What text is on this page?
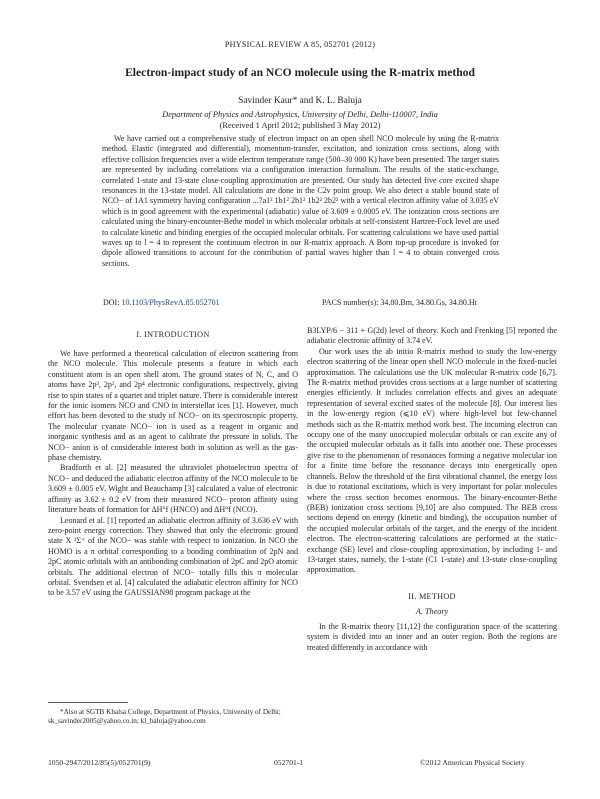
PHYSICAL REVIEW A 85, 052701 (2012)
Electron-impact study of an NCO molecule using the R-matrix method
Savinder Kaur* and K. L. Baluja
Department of Physics and Astrophysics, University of Delhi, Delhi-110007, India
(Received 1 April 2012; published 3 May 2012)

We have carried out a comprehensive study of electron impact on an open shell NCO molecule by using the R-matrix method. Elastic (integrated and differential), momentum-transfer, excitation, and ionization cross sections, along with effective collision frequencies over a wide electron temperature range (500–30 000 K) have been presented. The target states are represented by including correlations via a configuration interaction formalism. The results of the static-exchange, correlated 1-state and 13-state close-coupling approximation are presented. Our study has detected five core excited shape resonances in the 13-state model. All calculations are done in the C2v point group. We also detect a stable bound state of NCO− of 1A1 symmetry having configuration ...7a1² 1b1² 2b1² 1b2² 2b2² with a vertical electron affinity value of 3.035 eV which is in good agreement with the experimental (adiabatic) value of 3.609 ± 0.0005 eV. The ionization cross sections are calculated using the binary-encounter-Bethe model in which molecular orbitals at self-consistent Hartree-Fock level are used to calculate kinetic and binding energies of the occupied molecular orbitals. For scattering calculations we have used partial waves up to l = 4 to represent the continuum electron in our R-matrix approach. A Born top-up procedure is invoked for dipole allowed transitions to account for the contribution of partial waves higher than l = 4 to obtain converged cross sections.

DOI: 10.1103/PhysRevA.85.052701	PACS number(s): 34.80.Bm, 34.80.Gs, 34.80.Ht
I. INTRODUCTION

We have performed a theoretical calculation of electron scattering from the NCO molecule. This molecule presents a feature in which each constituent atom is an open shell atom. The ground states of N, C, and O atoms have 2p³, 2p², and 2p⁴ electronic configurations, respectively, giving rise to spin states of a quartet and triplet nature. There is considerable interest for the ionic isomers NCO and CNO in interstellar ices [1]. However, much effort has been devoted to the study of NCO− on its spectroscopic property. The molecular cyanate NCO− ion is used as a reagent in organic and inorganic synthesis and as an agent to calibrate the pressure in solids. The NCO− anion is of considerable interest both in solution as well as the gas-phase chemistry.

Bradforth et al. [2] measured the ultraviolet photoelectron spectra of NCO− and deduced the adiabatic electron affinity of the NCO molecule to be 3.609 ± 0.005 eV. Wight and Beauchamp [3] calculated a value of electronic affinity as 3.62 ± 0.2 eV from their measured NCO− proton affinity using literature heats of formation for ΔH°f (HNCO) and ΔH°f (NCO).

Leonard et al. [1] reported an adiabatic electron affinity of 3.636 eV with zero-point energy correction. They showed that only the electronic ground state X ¹Σ⁺ of the NCO− was stable with respect to ionization. In NCO the HOMO is a π orbital corresponding to a bonding combination of 2pN and 2pC atomic orbitals with an antibonding combination of 2pC and 2pO atomic orbitals. The additional electron of NCO− totally fills this π molecular orbital. Svendsen et al. [4] calculated the adiabatic electron affinity for NCO to be 3.57 eV using the GAUSSIAN98 program package at the

*Also at SGTB Khalsa College, Department of Physics, University of Delhi; sk_savinder2005@yahoo.co.in; kl_baluja@yahoo.com

B3LYP/6 − 311 + G(2d) level of theory. Koch and Frenking [5] reported the adiabatic electronic affinity of 3.74 eV.

Our work uses the ab initio R-matrix method to study the low-energy electron scattering of the linear open shell NCO molecule in the fixed-nuclei approximation. The calculations use the UK molecular R-matrix code [6,7]. The R-matrix method provides cross sections at a large number of scattering energies efficiently. It includes correlation effects and gives an adequate representation of several excited states of the molecule [8]. Our interest lies in the low-energy region (⩽10 eV) where high-level but few-channel methods such as the R-matrix method work best. The incoming electron can occupy one of the many unoccupied molecular orbitals or can excite any of the occupied molecular orbitals as it falls into another one. These processes give rise to the phenomenon of resonances forming a negative molecular ion for a finite time before the resonance decays into energetically open channels. Below the threshold of the first vibrational channel, the energy loss is due to rotational excitations, which is very important for polar molecules where the cross section becomes enormous. The binary-encounter-Bethe (BEB) ionization cross sections [9,10] are also computed. The BEB cross sections depend on energy (kinetic and binding), the occupation number of the occupied molecular orbitals of the target, and the energy of the incident electron. The electron-scattering calculations are performed at the static-exchange (SE) level and close-coupling approximation, by including 1- and 13-target states, namely, the 1-state (C1 1-state) and 13-state close-coupling approximation.

II. METHOD
A. Theory

In the R-matrix theory [11,12] the configuration space of the scattering system is divided into an inner and an outer region. Both the regions are treated differently in accordance with

1050-2947/2012/85(5)/052701(9)	052701-1	©2012 American Physical Society
